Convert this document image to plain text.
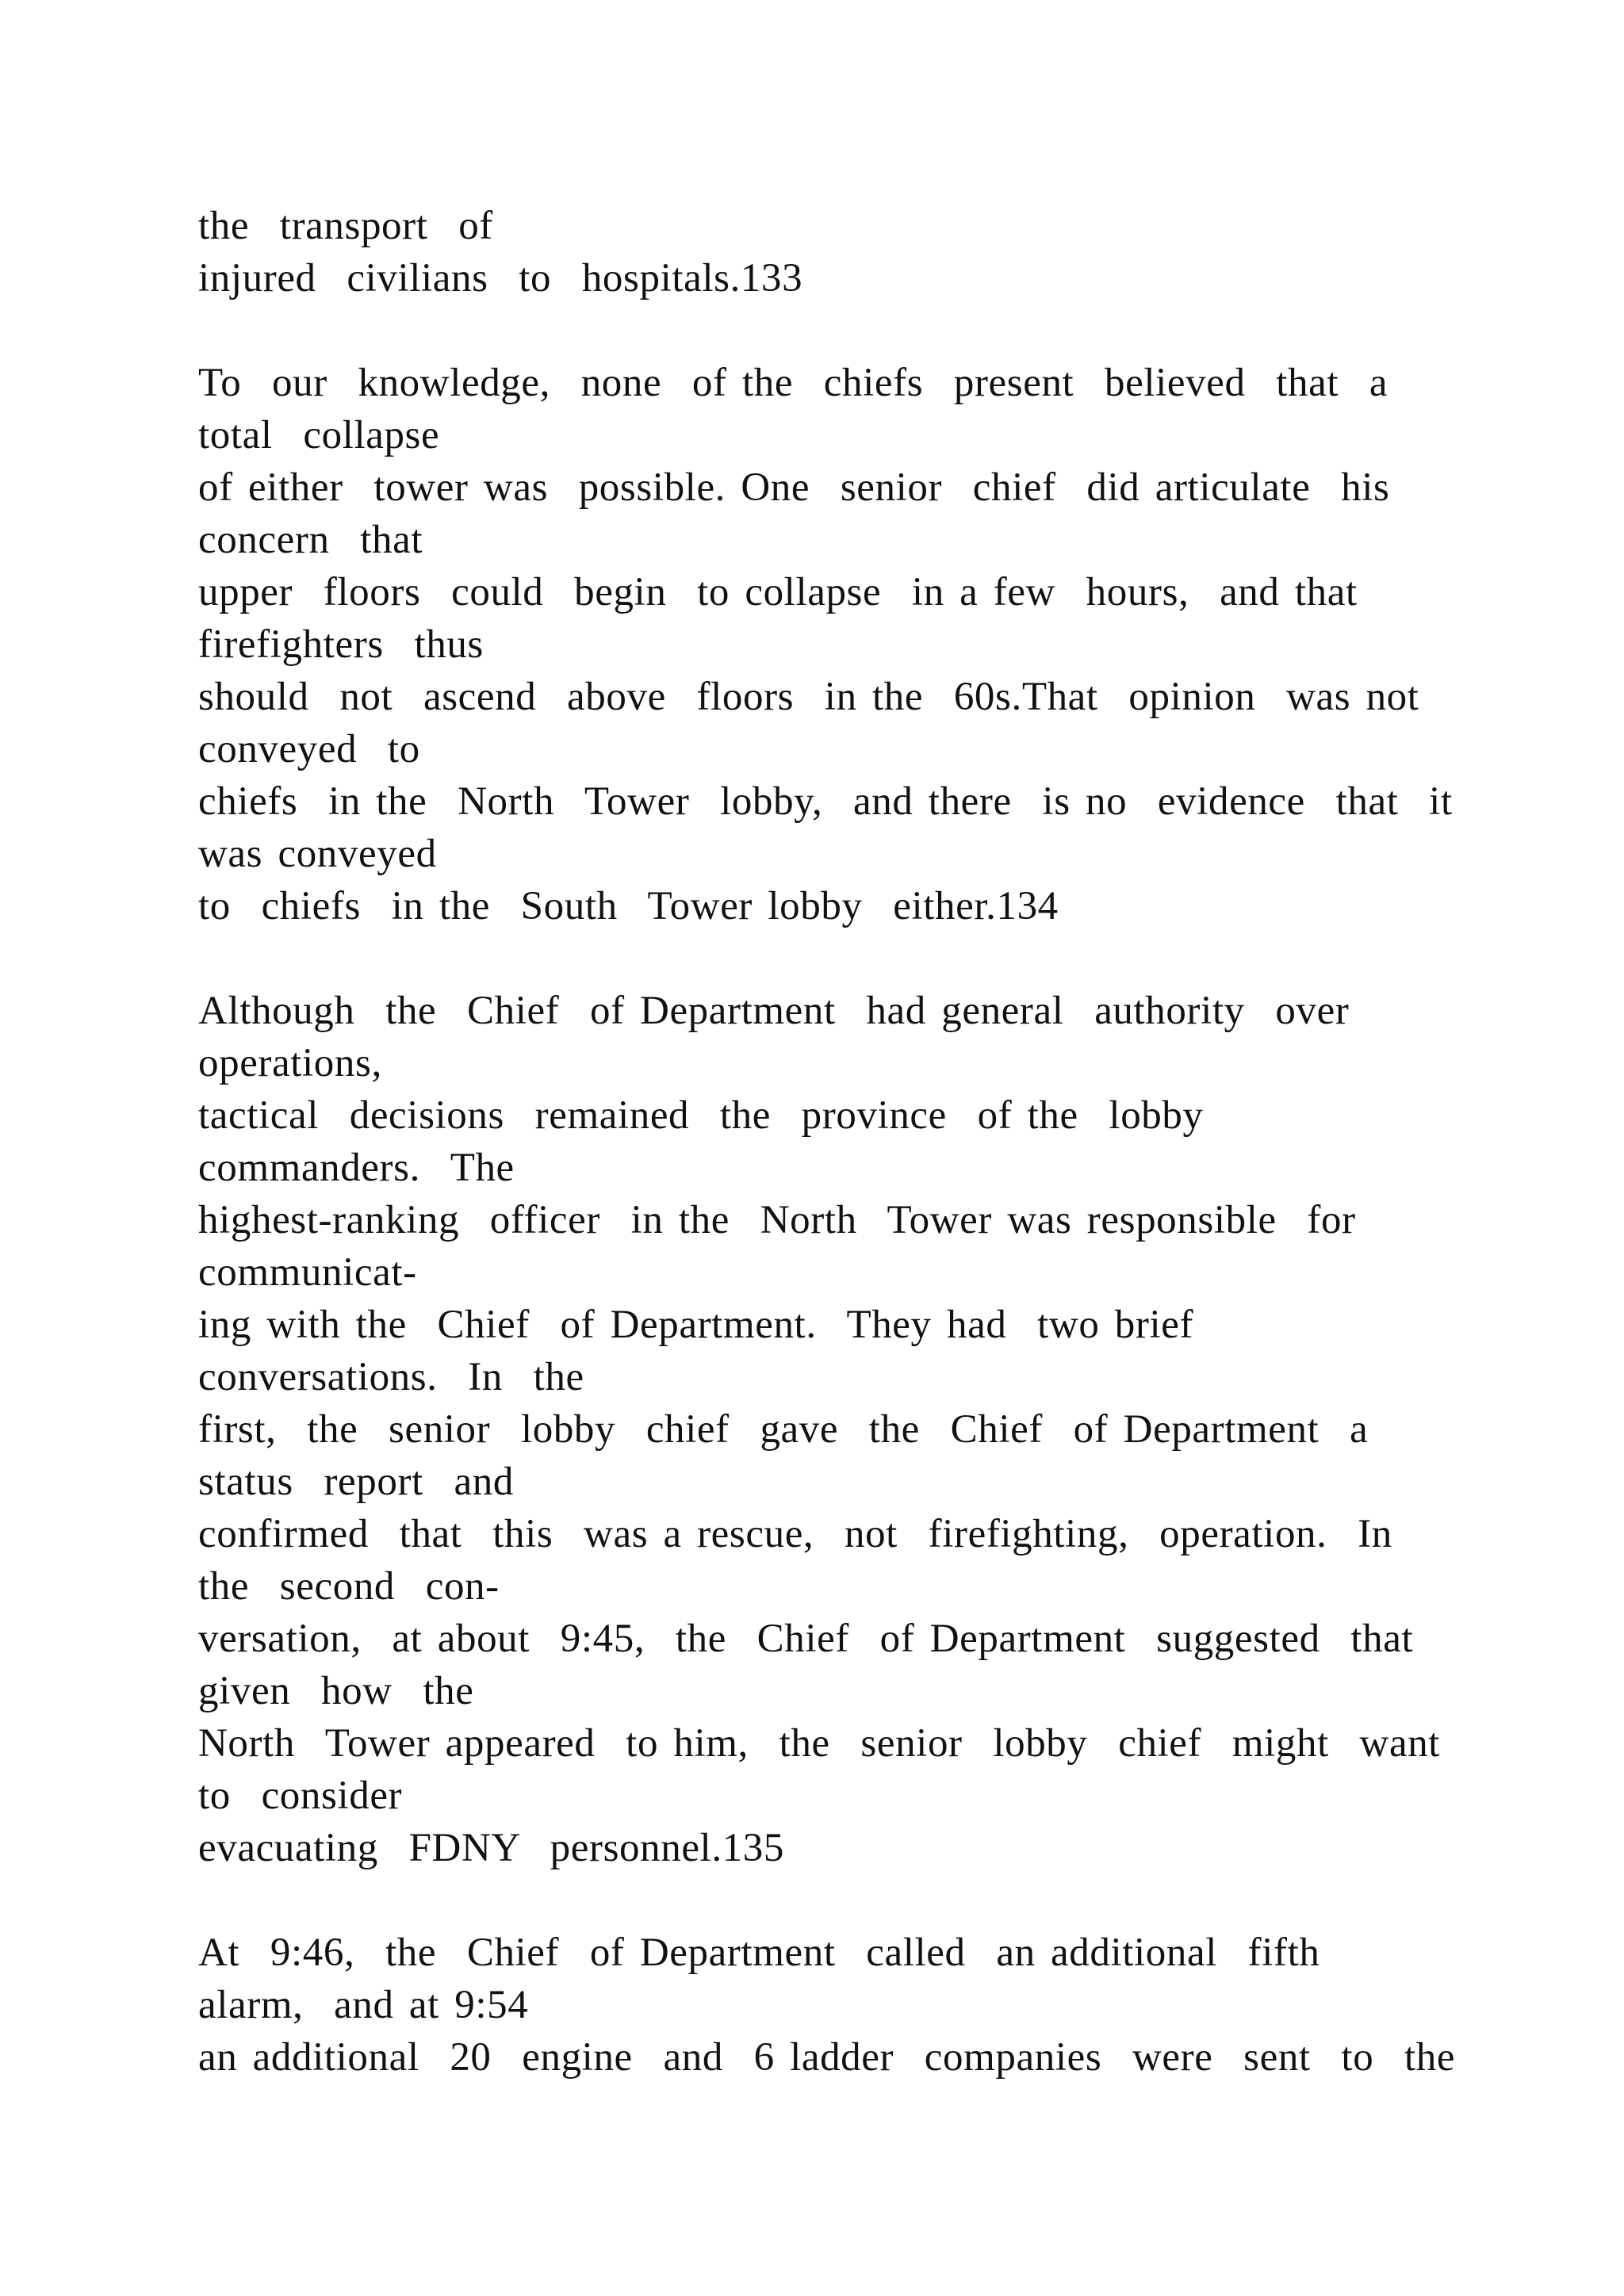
the  transport  of
injured  civilians  to  hospitals.133
To  our  knowledge,  none  of the  chiefs  present  believed  that  a
total  collapse
of either  tower was  possible. One  senior  chief  did articulate  his
concern  that
upper  floors  could  begin  to collapse  in a few  hours,  and that
firefighters  thus
should  not  ascend  above  floors  in the  60s.That  opinion  was not
conveyed  to
chiefs  in the  North  Tower  lobby,  and there  is no  evidence  that  it
was conveyed
to  chiefs  in the  South  Tower lobby  either.134
Although  the  Chief  of Department  had general  authority  over
operations,
tactical  decisions  remained  the  province  of the  lobby
commanders.  The
highest-ranking  officer  in the  North  Tower was responsible  for
communicat-
ing with the  Chief  of Department.  They had  two brief
conversations.  In  the
first,  the  senior  lobby  chief  gave  the  Chief  of Department  a
status  report  and
confirmed  that  this  was a rescue,  not  firefighting,  operation.  In
the  second  con-
versation,  at about  9:45,  the  Chief  of Department  suggested  that
given  how  the
North  Tower appeared  to him,  the  senior  lobby  chief  might  want
to  consider
evacuating  FDNY  personnel.135
At  9:46,  the  Chief  of Department  called  an additional  fifth
alarm,  and at 9:54
an additional  20  engine  and  6 ladder  companies  were  sent  to  the
